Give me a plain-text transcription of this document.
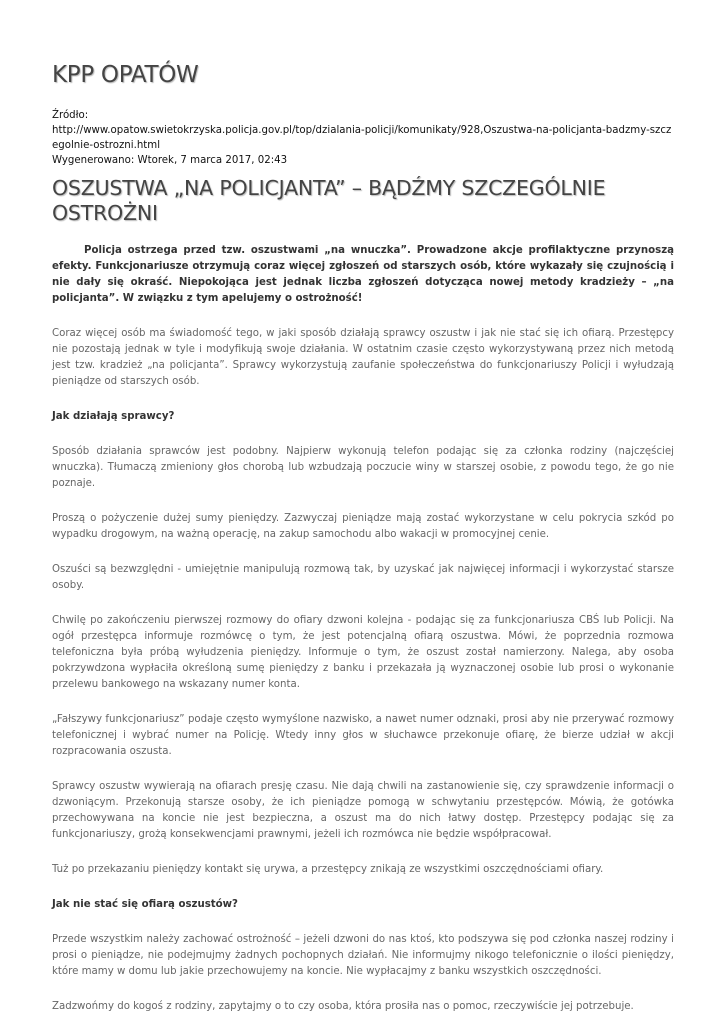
KPP OPATÓW
Źródło:
http://www.opatow.swietokrzyska.policja.gov.pl/top/dzialania-policji/komunikaty/928,Oszustwa-na-policjanta-badzmy-szczegolnie-ostrozni.html
Wygenerowano: Wtorek, 7 marca 2017, 02:43
OSZUSTWA „NA POLICJANTA” – BĄDŹMY SZCZEGÓLNIE OSTROŻNI

Policja ostrzega przed tzw. oszustwami „na wnuczka”. Prowadzone akcje profilaktyczne przynoszą efekty. Funkcjonariusze otrzymują coraz więcej zgłoszeń od starszych osób, które wykazały się czujnością i nie dały się okraść. Niepokojąca jest jednak liczba zgłoszeń dotycząca nowej metody kradzieży – „na policjanta”. W związku z tym apelujemy o ostrożność!

Coraz więcej osób ma świadomość tego, w jaki sposób działają sprawcy oszustw i jak nie stać się ich ofiarą. Przestępcy nie pozostają jednak w tyle i modyfikują swoje działania. W ostatnim czasie często wykorzystywaną przez nich metodą jest tzw. kradzież „na policjanta”. Sprawcy wykorzystują zaufanie społeczeństwa do funkcjonariuszy Policji i wyłudzają pieniądze od starszych osób.

Jak działają sprawcy?

Sposób działania sprawców jest podobny. Najpierw wykonują telefon podając się za członka rodziny (najczęściej wnuczka). Tłumaczą zmieniony głos chorobą lub wzbudzają poczucie winy w starszej osobie, z powodu tego, że go nie poznaje.

Proszą o pożyczenie dużej sumy pieniędzy. Zazwyczaj pieniądze mają zostać wykorzystane w celu pokrycia szkód po wypadku drogowym, na ważną operację, na zakup samochodu albo wakacji w promocyjnej cenie.

Oszuści są bezwzględni - umiejętnie manipulują rozmową tak, by uzyskać jak najwięcej informacji i wykorzystać starsze osoby.

Chwilę po zakończeniu pierwszej rozmowy do ofiary dzwoni kolejna - podając się za funkcjonariusza CBŚ lub Policji. Na ogół przestępca informuje rozmówcę o tym, że jest potencjalną ofiarą oszustwa. Mówi, że poprzednia rozmowa telefoniczna była próbą wyłudzenia pieniędzy. Informuje o tym, że oszust został namierzony. Nalega, aby osoba pokrzywdzona wypłaciła określoną sumę pieniędzy z banku i przekazała ją wyznaczonej osobie lub prosi o wykonanie przelewu bankowego na wskazany numer konta.

„Fałszywy funkcjonariusz” podaje często wymyślone nazwisko, a nawet numer odznaki, prosi aby nie przerywać rozmowy telefonicznej i wybrać numer na Policję. Wtedy inny głos w słuchawce przekonuje ofiarę, że bierze udział w akcji rozpracowania oszusta.

Sprawcy oszustw wywierają na ofiarach presję czasu. Nie dają chwili na zastanowienie się, czy sprawdzenie informacji o dzwoniącym. Przekonują starsze osoby, że ich pieniądze pomogą w schwytaniu przestępców. Mówią, że gotówka przechowywana na koncie nie jest bezpieczna, a oszust ma do nich łatwy dostęp. Przestępcy podając się za funkcjonariuszy, grożą konsekwencjami prawnymi, jeżeli ich rozmówca nie będzie współpracował.

Tuż po przekazaniu pieniędzy kontakt się urywa, a przestępcy znikają ze wszystkimi oszczędnościami ofiary.

Jak nie stać się ofiarą oszustów?

Przede wszystkim należy zachować ostrożność – jeżeli dzwoni do nas ktoś, kto podszywa się pod członka naszej rodziny i prosi o pieniądze, nie podejmujmy żadnych pochopnych działań. Nie informujmy nikogo telefonicznie o ilości pieniędzy, które mamy w domu lub jakie przechowujemy na koncie. Nie wypłacajmy z banku wszystkich oszczędności.

Zadzwońmy do kogoś z rodziny, zapytajmy o to czy osoba, która prosiła nas o pomoc, rzeczywiście jej potrzebuje.
